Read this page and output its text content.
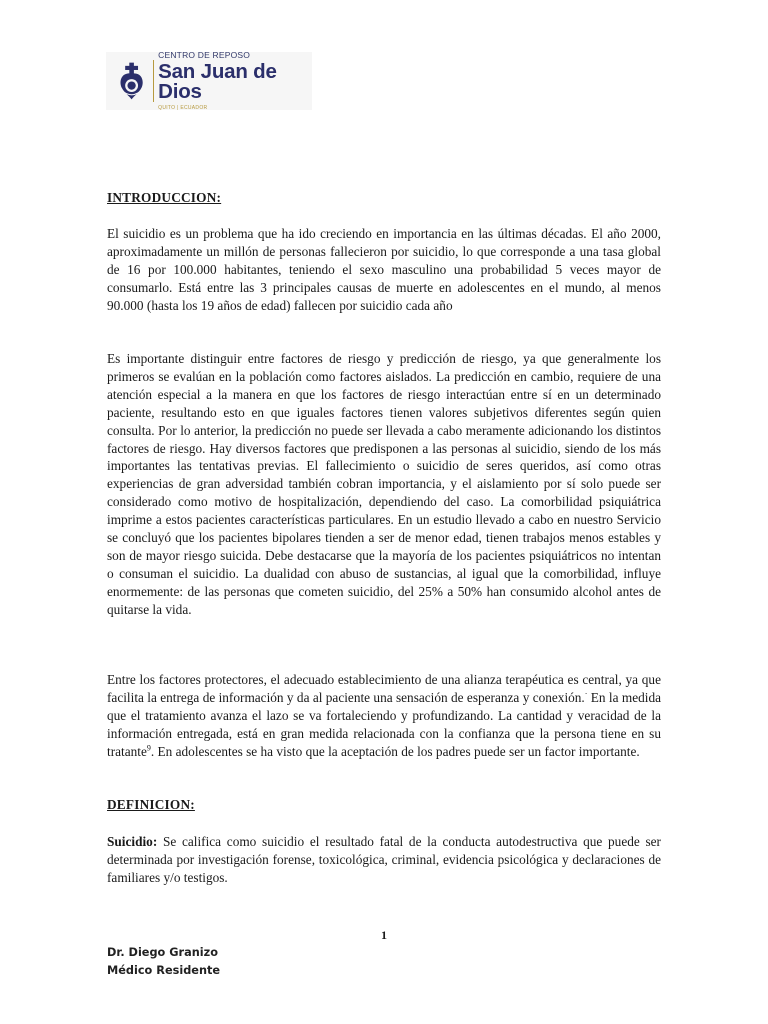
CENTRO DE REPOSO
San Juan de Dios
QUITO | ECUADOR
INTRODUCCION:

El suicidio es un problema que ha ido creciendo en importancia en las últimas décadas. El año 2000, aproximadamente un millón de personas fallecieron por suicidio, lo que corresponde a una tasa global de 16 por 100.000 habitantes, teniendo el sexo masculino una probabilidad 5 veces mayor de consumarlo. Está entre las 3 principales causas de muerte en adolescentes en el mundo, al menos 90.000 (hasta los 19 años de edad) fallecen por suicidio cada año

Es importante distinguir entre factores de riesgo y predicción de riesgo, ya que generalmente los primeros se evalúan en la población como factores aislados. La predicción en cambio, requiere de una atención especial a la manera en que los factores de riesgo interactúan entre sí en un determinado paciente, resultando esto en que iguales factores tienen valores subjetivos diferentes según quien consulta. Por lo anterior, la predicción no puede ser llevada a cabo meramente adicionando los distintos factores de riesgo. Hay diversos factores que predisponen a las personas al suicidio, siendo de los más importantes las tentativas previas. El fallecimiento o suicidio de seres queridos, así como otras experiencias de gran adversidad también cobran importancia, y el aislamiento por sí solo puede ser considerado como motivo de hospitalización, dependiendo del caso. La comorbilidad psiquiátrica imprime a estos pacientes características particulares. En un estudio llevado a cabo en nuestro Servicio se concluyó que los pacientes bipolares tienden a ser de menor edad, tienen trabajos menos estables y son de mayor riesgo suicida. Debe destacarse que la mayoría de los pacientes psiquiátricos no intentan o consuman el suicidio. La dualidad con abuso de sustancias, al igual que la comorbilidad, influye enormemente: de las personas que cometen suicidio, del 25% a 50% han consumido alcohol antes de quitarse la vida.

Entre los factores protectores, el adecuado establecimiento de una alianza terapéutica es central, ya que facilita la entrega de información y da al paciente una sensación de esperanza y conexión.· En la medida que el tratamiento avanza el lazo se va fortaleciendo y profundizando. La cantidad y veracidad de la información entregada, está en gran medida relacionada con la confianza que la persona tiene en su tratante$^9$. En adolescentes se ha visto que la aceptación de los padres puede ser un factor importante.

DEFINICION:

Suicidio: Se califica como suicidio el resultado fatal de la conducta autodestructiva que puede ser determinada por investigación forense, toxicológica, criminal, evidencia psicológica y declaraciones de familiares y/o testigos.

1
Dr. Diego Granizo
Médico Residente
